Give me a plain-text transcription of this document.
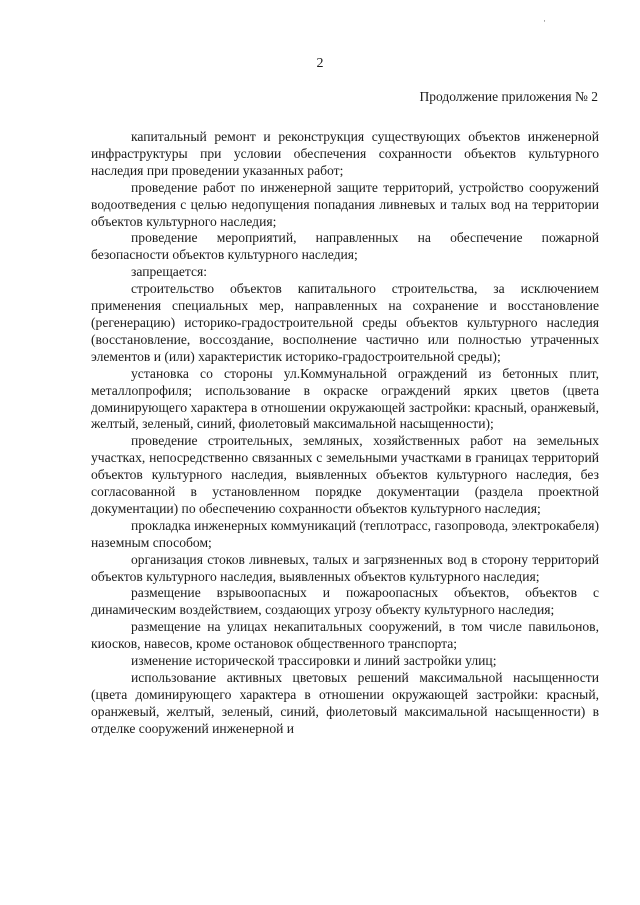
·
2
Продолжение приложения № 2

капитальный ремонт и реконструкция существующих объектов инженерной инфраструктуры при условии обеспечения сохранности объектов культурного наследия при проведении указанных работ;

проведение работ по инженерной защите территорий, устройство сооружений водоотведения с целью недопущения попадания ливневых и талых вод на территории объектов культурного наследия;

проведение мероприятий, направленных на обеспечение пожарной безопасности объектов культурного наследия;

запрещается:

строительство объектов капитального строительства, за исключением применения специальных мер, направленных на сохранение и восстановление (регенерацию) историко-градостроительной среды объектов культурного наследия (восстановление, воссоздание, восполнение частично или полностью утраченных элементов и (или) характеристик историко-градостроительной среды);

установка со стороны ул.Коммунальной ограждений из бетонных плит, металлопрофиля; использование в окраске ограждений ярких цветов (цвета доминирующего характера в отношении окружающей застройки: красный, оранжевый, желтый, зеленый, синий, фиолетовый максимальной насыщенности);

проведение строительных, земляных, хозяйственных работ на земельных участках, непосредственно связанных с земельными участками в границах территорий объектов культурного наследия, выявленных объектов культурного наследия, без согласованной в установленном порядке документации (раздела проектной документации) по обеспечению сохранности объектов культурного наследия;

прокладка инженерных коммуникаций (теплотрасс, газопровода, электрокабеля) наземным способом;

организация стоков ливневых, талых и загрязненных вод в сторону территорий объектов культурного наследия, выявленных объектов культурного наследия;

размещение взрывоопасных и пожароопасных объектов, объектов с динамическим воздействием, создающих угрозу объекту культурного наследия;

размещение на улицах некапитальных сооружений, в том числе павильонов, киосков, навесов, кроме остановок общественного транспорта;

изменение исторической трассировки и линий застройки улиц;

использование активных цветовых решений максимальной насыщенности (цвета доминирующего характера в отношении окружающей застройки: красный, оранжевый, желтый, зеленый, синий, фиолетовый максимальной насыщенности) в отделке сооружений инженерной и
